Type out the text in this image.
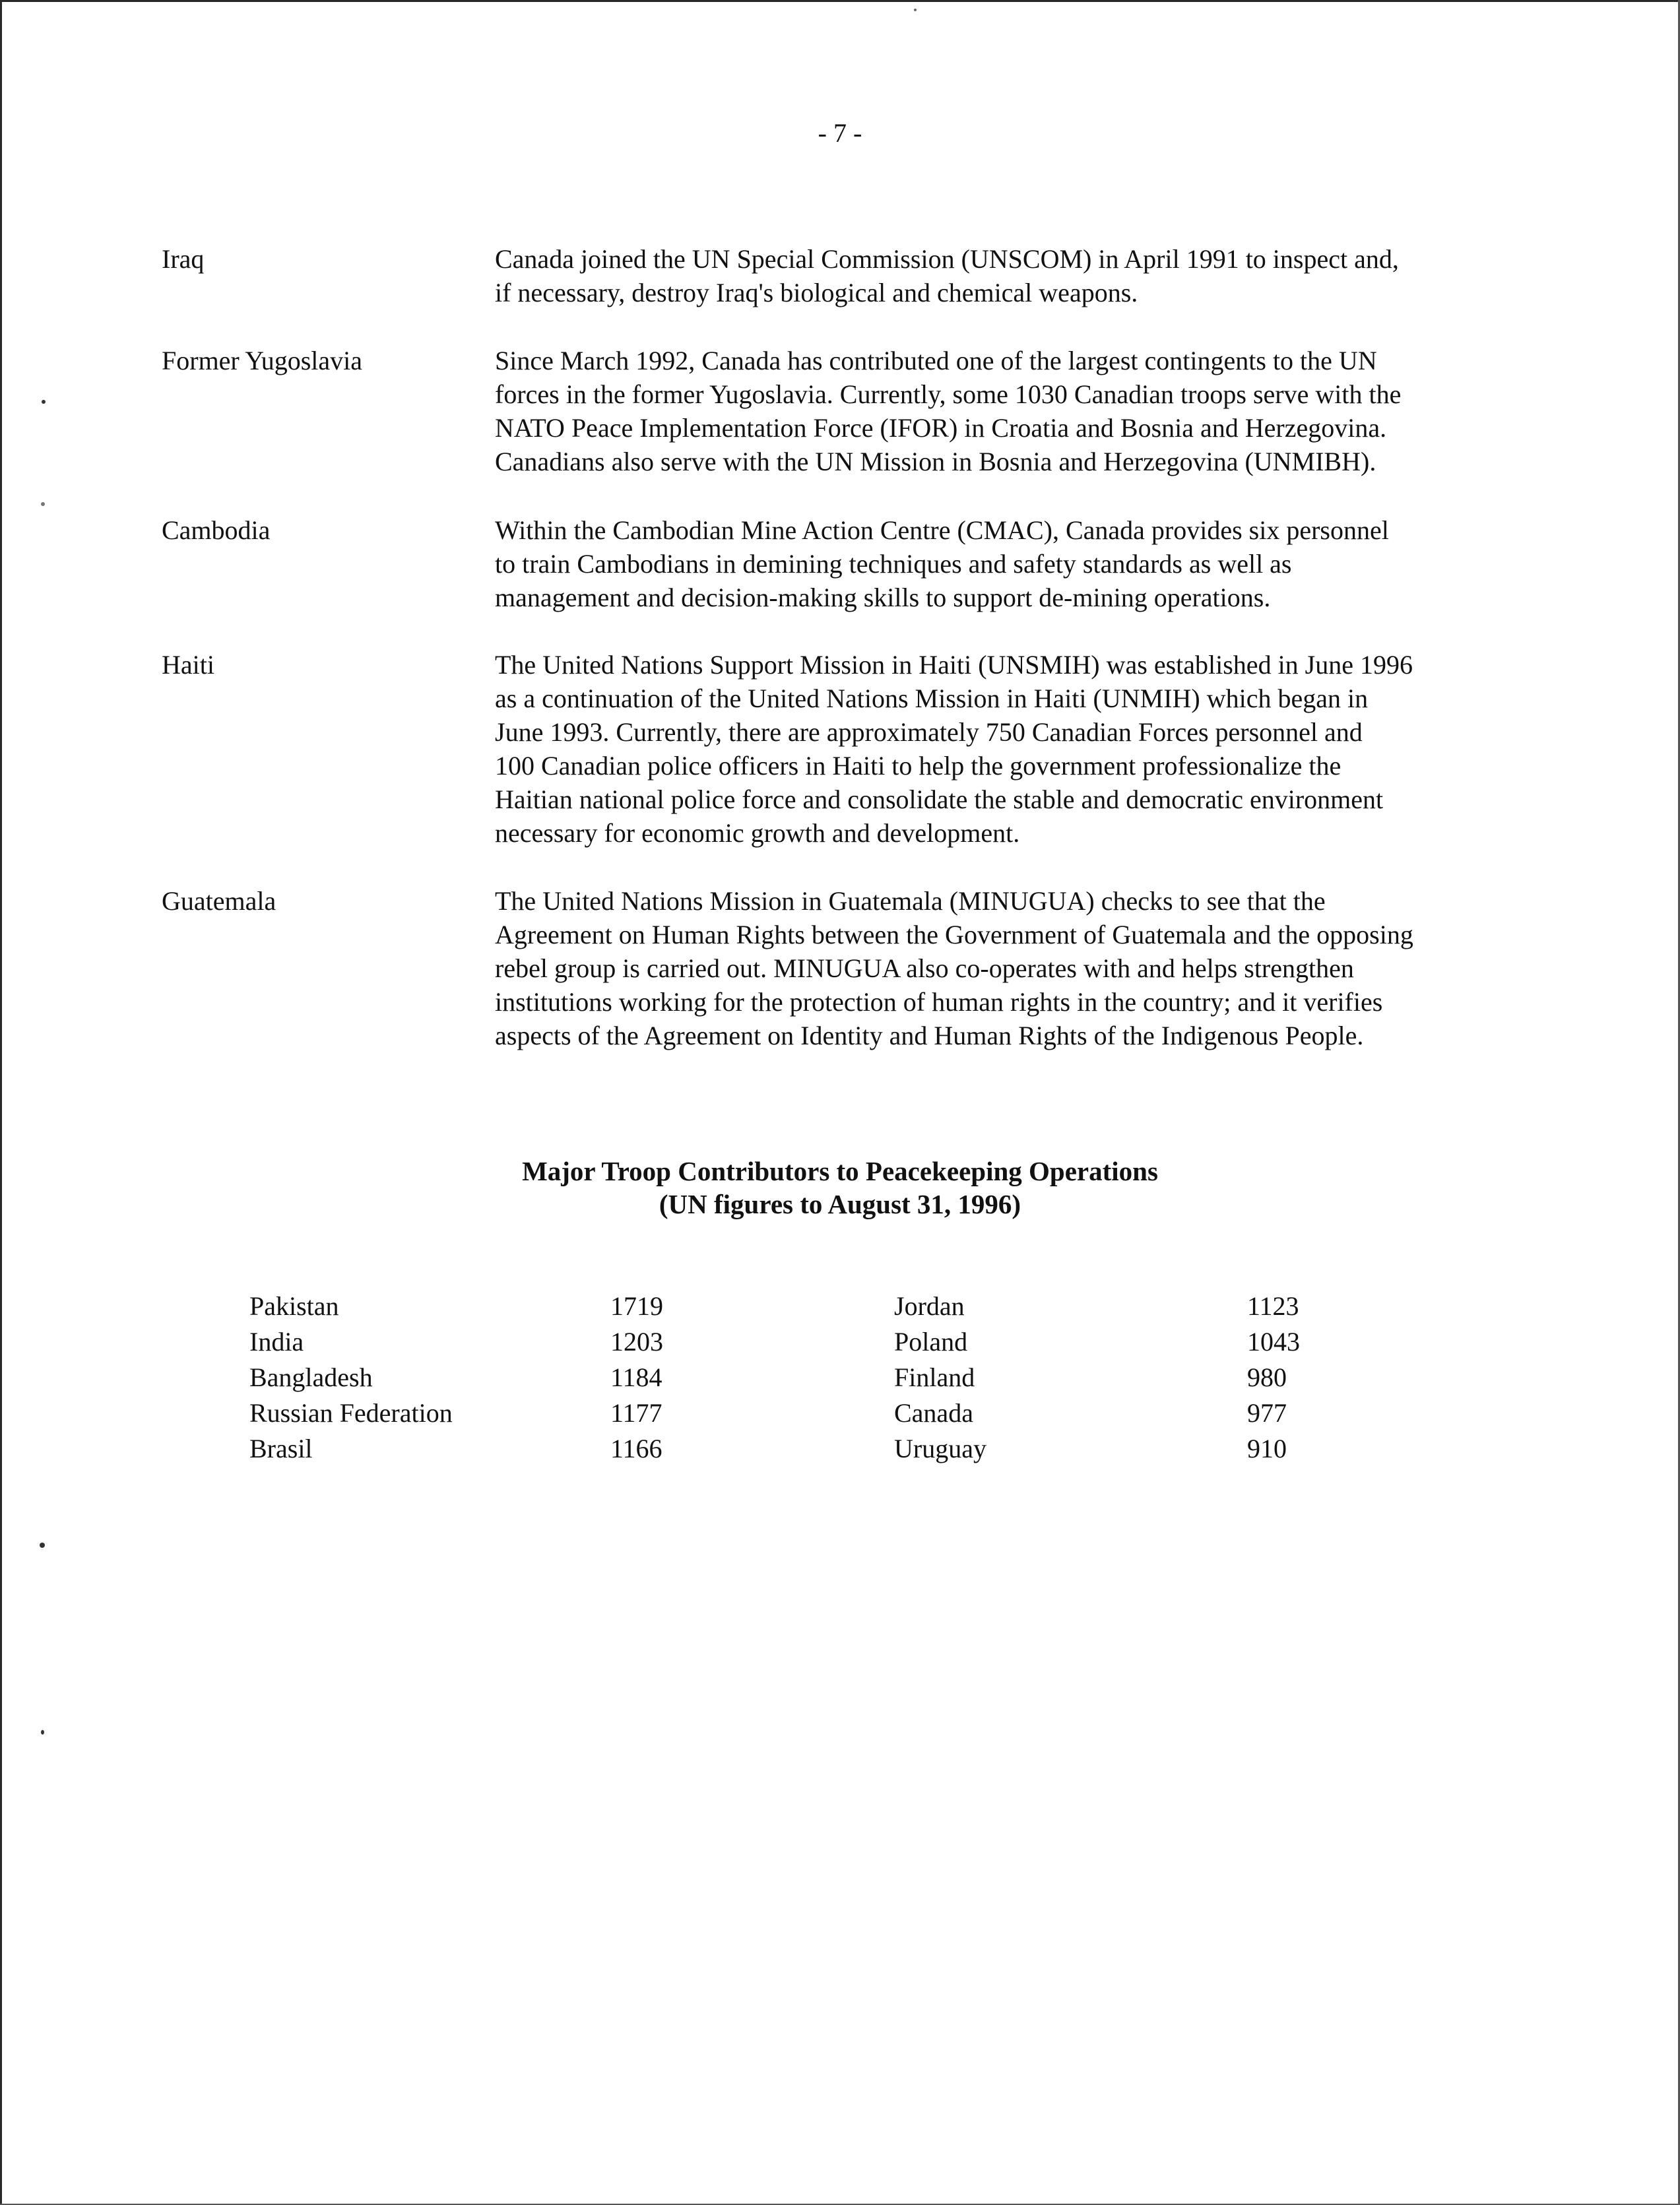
- 7 -
Iraq	Canada joined the UN Special Commission (UNSCOM) in April 1991 to inspect and,
if necessary, destroy Iraq's biological and chemical weapons.
Former Yugoslavia	Since March 1992, Canada has contributed one of the largest contingents to the UN
forces in the former Yugoslavia. Currently, some 1030 Canadian troops serve with the
NATO Peace Implementation Force (IFOR) in Croatia and Bosnia and Herzegovina.
Canadians also serve with the UN Mission in Bosnia and Herzegovina (UNMIBH).
Cambodia	Within the Cambodian Mine Action Centre (CMAC), Canada provides six personnel
to train Cambodians in demining techniques and safety standards as well as
management and decision-making skills to support de-mining operations.
Haiti	The United Nations Support Mission in Haiti (UNSMIH) was established in June 1996
as a continuation of the United Nations Mission in Haiti (UNMIH) which began in
June 1993. Currently, there are approximately 750 Canadian Forces personnel and
100 Canadian police officers in Haiti to help the government professionalize the
Haitian national police force and consolidate the stable and democratic environment
necessary for economic growth and development.
Guatemala	The United Nations Mission in Guatemala (MINUGUA) checks to see that the
Agreement on Human Rights between the Government of Guatemala and the opposing
rebel group is carried out. MINUGUA also co-operates with and helps strengthen
institutions working for the protection of human rights in the country; and it verifies
aspects of the Agreement on Identity and Human Rights of the Indigenous People.
Major Troop Contributors to Peacekeeping Operations
(UN figures to August 31, 1996)
Pakistan	1719	Jordan	1123
India	1203	Poland	1043
Bangladesh	1184	Finland	980
Russian Federation	1177	Canada	977
Brasil	1166	Uruguay	910
